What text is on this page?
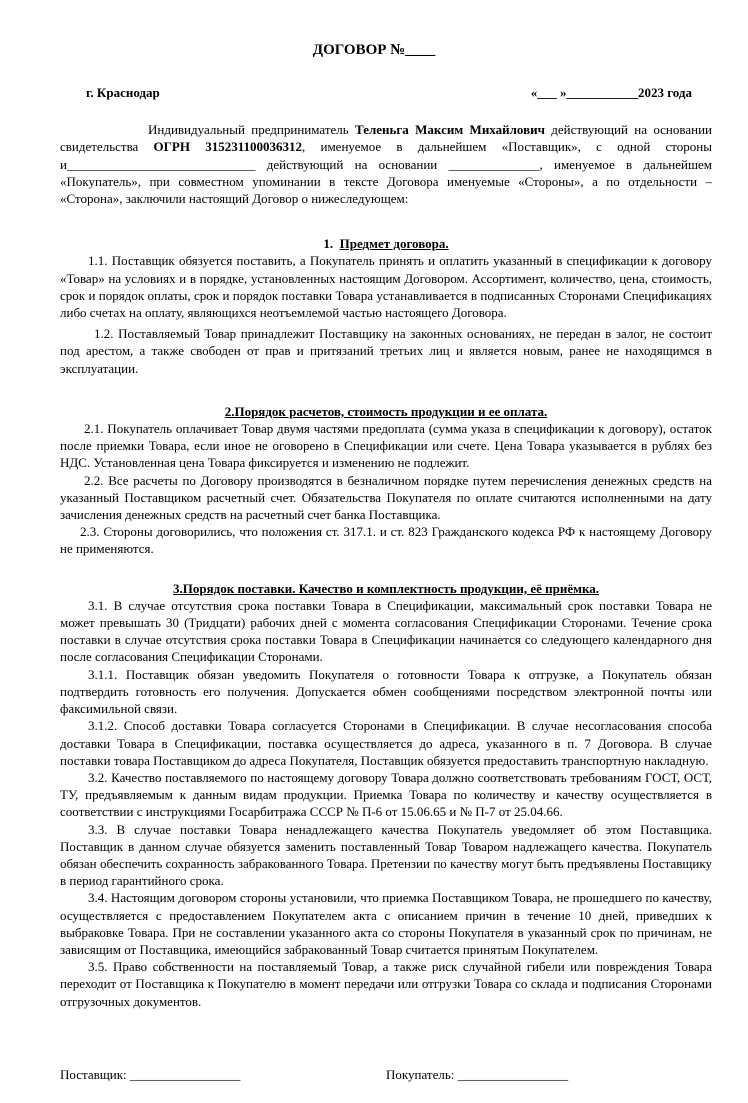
ДОГОВОР №____
г. Краснодар	«___ »___________2023 года

Индивидуальный предприниматель Теленьга Максим Михайлович действующий на основании свидетельства ОГРН 315231100036312, именуемое в дальнейшем «Поставщик», с одной стороны и_____________________________ действующий на основании ______________, именуемое в дальнейшем «Покупатель», при совместном упоминании в тексте Договора именуемые «Стороны», а по отдельности – «Сторона», заключили настоящий Договор о нижеследующем:

1. Предмет договора.

1.1. Поставщик обязуется поставить, а Покупатель принять и оплатить указанный в спецификации к договору «Товар» на условиях и в порядке, установленных настоящим Договором. Ассортимент, количество, цена, стоимость, срок и порядок оплаты, срок и порядок поставки Товара устанавливается в подписанных Сторонами Спецификациях либо счетах на оплату, являющихся неотъемлемой частью настоящего Договора.

1.2. Поставляемый Товар принадлежит Поставщику на законных основаниях, не передан в залог, не состоит под арестом, а также свободен от прав и притязаний третьих лиц и является новым, ранее не находящимся в эксплуатации.

2.Порядок расчетов, стоимость продукции и ее оплата.

2.1. Покупатель оплачивает Товар двумя частями предоплата (сумма указа в спецификации к договору), остаток после приемки Товара, если иное не оговорено в Спецификации или счете. Цена Товара указывается в рублях без НДС. Установленная цена Товара фиксируется и изменению не подлежит.

2.2. Все расчеты по Договору производятся в безналичном порядке путем перечисления денежных средств на указанный Поставщиком расчетный счет. Обязательства Покупателя по оплате считаются исполненными на дату зачисления денежных средств на расчетный счет банка Поставщика.

2.3. Стороны договорились, что положения ст. 317.1. и ст. 823 Гражданского кодекса РФ к настоящему Договору не применяются.

3.Порядок поставки. Качество и комплектность продукции, её приёмка.

3.1. В случае отсутствия срока поставки Товара в Спецификации, максимальный срок поставки Товара не может превышать 30 (Тридцати) рабочих дней с момента согласования Спецификации Сторонами. Течение срока поставки в случае отсутствия срока поставки Товара в Спецификации начинается со следующего календарного дня после согласования Спецификации Сторонами.

3.1.1. Поставщик обязан уведомить Покупателя о готовности Товара к отгрузке, а Покупатель обязан подтвердить готовность его получения. Допускается обмен сообщениями посредством электронной почты или факсимильной связи.

3.1.2. Способ доставки Товара согласуется Сторонами в Спецификации. В случае несогласования способа доставки Товара в Спецификации, поставка осуществляется до адреса, указанного в п. 7 Договора. В случае поставки товара Поставщиком до адреса Покупателя, Поставщик обязуется предоставить транспортную накладную.

3.2. Качество поставляемого по настоящему договору Товара должно соответствовать требованиям ГОСТ, ОСТ, ТУ, предъявляемым к данным видам продукции. Приемка Товара по количеству и качеству осуществляется в соответствии с инструкциями Госарбитража СССР № П-6 от 15.06.65 и № П-7 от 25.04.66.

3.3. В случае поставки Товара ненадлежащего качества Покупатель уведомляет об этом Поставщика. Поставщик в данном случае обязуется заменить поставленный Товар Товаром надлежащего качества. Покупатель обязан обеспечить сохранность забракованного Товара. Претензии по качеству могут быть предъявлены Поставщику в период гарантийного срока.

3.4. Настоящим договором стороны установили, что приемка Поставщиком Товара, не прошедшего по качеству, осуществляется с предоставлением Покупателем акта с описанием причин в течение 10 дней, приведших к выбраковке Товара. При не составлении указанного акта со стороны Покупателя в указанный срок по причинам, не зависящим от Поставщика, имеющийся забракованный Товар считается принятым Покупателем.

3.5. Право собственности на поставляемый Товар, а также риск случайной гибели или повреждения Товара переходит от Поставщика к Покупателю в момент передачи или отгрузки Товара со склада и подписания Сторонами отгрузочных документов.

Поставщик: _________________	Покупатель: _________________
